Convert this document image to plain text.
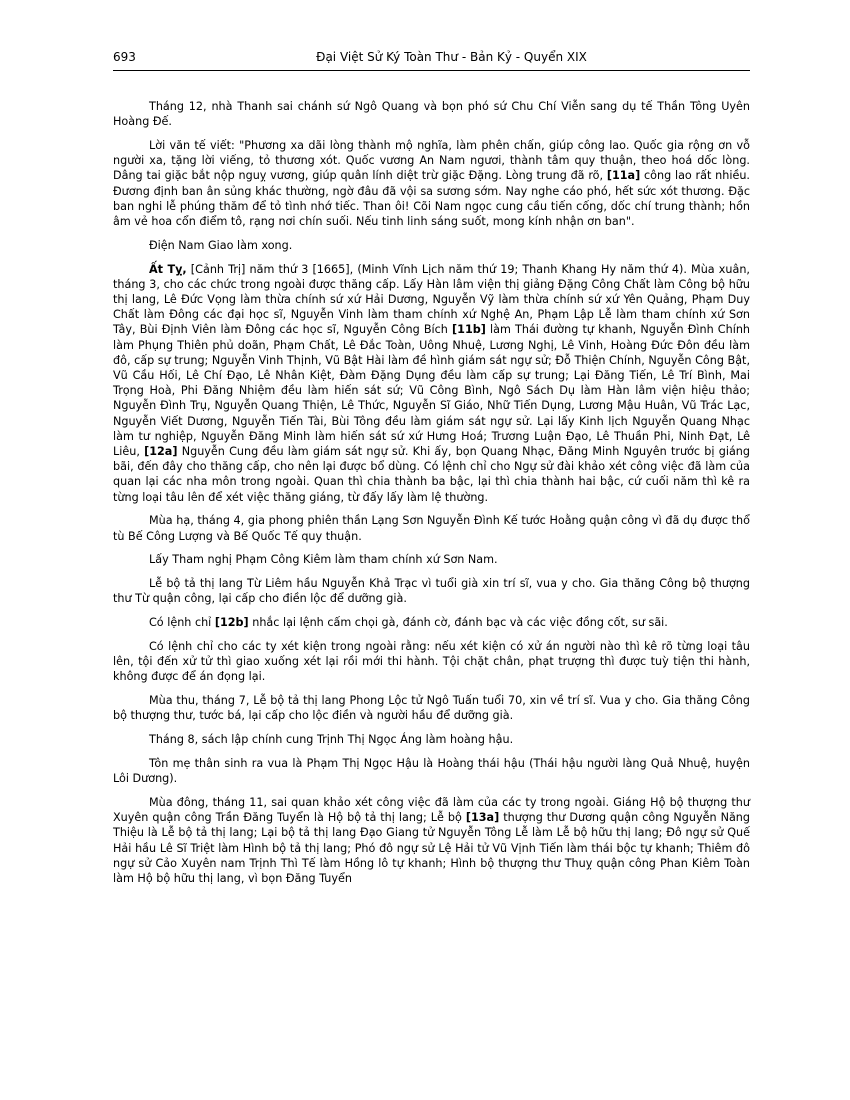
693	Đại Việt Sử Ký Toàn Thư - Bản Kỷ - Quyển XIX

Tháng 12, nhà Thanh sai chánh sứ Ngô Quang và bọn phó sứ Chu Chí Viễn sang dụ tế Thần Tông Uyên Hoàng Đế.

Lời văn tế viết: "Phương xa dãi lòng thành mộ nghĩa, làm phên chấn, giúp công lao. Quốc gia rộng ơn vỗ người xa, tặng lời viếng, tỏ thương xót. Quốc vương An Nam ngươi, thành tâm quy thuận, theo hoá dốc lòng. Dâng tai giặc bắt nộp nguỵ vương, giúp quân lính diệt trừ giặc Đặng. Lòng trung đã rõ, [11a] công lao rất nhiều. Đương định ban ân sủng khác thường, ngờ đâu đã vội sa sương sớm. Nay nghe cáo phó, hết sức xót thương. Đặc ban nghi lễ phúng thăm để tỏ tình nhớ tiếc. Than ôi! Cõi Nam ngọc cung cầu tiến cống, dốc chí trung thành; hồn âm vẻ hoa cổn điểm tô, rạng nơi chín suối. Nếu tinh linh sáng suốt, mong kính nhận ơn ban".

Điện Nam Giao làm xong.

Ất Tỵ, [Cảnh Trị] năm thứ 3 [1665], (Minh Vĩnh Lịch năm thứ 19; Thanh Khang Hy năm thứ 4). Mùa xuân, tháng 3, cho các chức trong ngoài được thăng cấp. Lấy Hàn lâm viện thị giảng Đặng Công Chất làm Công bộ hữu thị lang, Lê Đức Vọng làm thừa chính sứ xứ Hải Dương, Nguyễn Vỹ làm thừa chính sứ xứ Yên Quảng, Phạm Duy Chất làm Đông các đại học sĩ, Nguyễn Vinh làm tham chính xứ Nghệ An, Phạm Lập Lễ làm tham chính xứ Sơn Tây, Bùi Định Viên làm Đông các học sĩ, Nguyễn Công Bích [11b] làm Thái đường tự khanh, Nguyễn Đình Chính làm Phụng Thiên phủ doãn, Phạm Chất, Lê Đắc Toàn, Uông Nhuệ, Lương Nghị, Lê Vinh, Hoàng Đức Đôn đều làm đô, cấp sự trung; Nguyễn Vinh Thịnh, Vũ Bật Hài làm đề hình giám sát ngự sử; Đỗ Thiện Chính, Nguyễn Công Bật, Vũ Cầu Hối, Lê Chí Đạo, Lê Nhân Kiệt, Đàm Đặng Dụng đều làm cấp sự trung; Lại Đăng Tiến, Lê Trí Bình, Mai Trọng Hoà, Phi Đăng Nhiệm đều làm hiến sát sứ; Vũ Công Bình, Ngô Sách Dụ làm Hàn lâm viện hiệu thảo; Nguyễn Đình Trụ, Nguyễn Quang Thiện, Lê Thức, Nguyễn Sĩ Giáo, Nhữ Tiến Dụng, Lương Mậu Huân, Vũ Trác Lạc, Nguyễn Viết Dương, Nguyễn Tiến Tài, Bùi Tông đều làm giám sát ngự sử. Lại lấy Kinh lịch Nguyễn Quang Nhạc làm tư nghiệp, Nguyễn Đăng Minh làm hiến sát sứ xứ Hưng Hoá; Trương Luận Đạo, Lê Thuần Phi, Ninh Đạt, Lê Liêu, [12a] Nguyễn Cung đều làm giám sát ngự sử. Khi ấy, bọn Quang Nhạc, Đăng Minh Nguyên trước bị giáng bãi, đến đây cho thăng cấp, cho nên lại được bổ dùng. Có lệnh chỉ cho Ngự sử đài khảo xét công việc đã làm của quan lại các nha môn trong ngoài. Quan thì chia thành ba bậc, lại thì chia thành hai bậc, cứ cuối năm thì kê ra từng loại tâu lên để xét việc thăng giáng, từ đấy lấy làm lệ thường.

Mùa hạ, tháng 4, gia phong phiên thần Lạng Sơn Nguyễn Đình Kế tước Hoằng quận công vì đã dụ được thổ tù Bế Công Lượng và Bế Quốc Tế quy thuận.

Lấy Tham nghị Phạm Công Kiêm làm tham chính xứ Sơn Nam.

Lễ bộ tả thị lang Từ Liêm hầu Nguyễn Khả Trạc vì tuổi già xin trí sĩ, vua y cho. Gia thăng Công bộ thượng thư Từ quận công, lại cấp cho điền lộc để dưỡng già.

Có lệnh chỉ [12b] nhắc lại lệnh cấm chọi gà, đánh cờ, đánh bạc và các việc đồng cốt, sư sãi.

Có lệnh chỉ cho các ty xét kiện trong ngoài rằng: nếu xét kiện có xử án người nào thì kê rõ từng loại tâu lên, tội đến xử tử thì giao xuống xét lại rồi mới thi hành. Tội chặt chân, phạt trượng thì được tuỳ tiện thi hành, không được để án đọng lại.

Mùa thu, tháng 7, Lễ bộ tả thị lang Phong Lộc tử Ngô Tuấn tuổi 70, xin về trí sĩ. Vua y cho. Gia thăng Công bộ thượng thư, tước bá, lại cấp cho lộc điền và người hầu để dưỡng già.

Tháng 8, sách lập chính cung Trịnh Thị Ngọc Áng làm hoàng hậu.

Tôn mẹ thân sinh ra vua là Phạm Thị Ngọc Hậu là Hoàng thái hậu (Thái hậu người làng Quả Nhuệ, huyện Lôi Dương).

Mùa đông, tháng 11, sai quan khảo xét công việc đã làm của các ty trong ngoài. Giáng Hộ bộ thượng thư Xuyên quận công Trần Đăng Tuyển là Hộ bộ tả thị lang; Lễ bộ [13a] thượng thư Dương quận công Nguyễn Năng Thiệu là Lễ bộ tả thị lang; Lại bộ tả thị lang Đạo Giang tử Nguyễn Tông Lễ làm Lễ bộ hữu thị lang; Đô ngự sử Quế Hải hầu Lê Sĩ Triệt làm Hình bộ tả thị lang; Phó đô ngự sử Lệ Hải tử Vũ Vịnh Tiến làm thái bộc tự khanh; Thiêm đô ngự sử Cảo Xuyên nam Trịnh Thì Tế làm Hồng lô tự khanh; Hình bộ thượng thư Thuỵ quận công Phan Kiêm Toàn làm Hộ bộ hữu thị lang, vì bọn Đăng Tuyển
